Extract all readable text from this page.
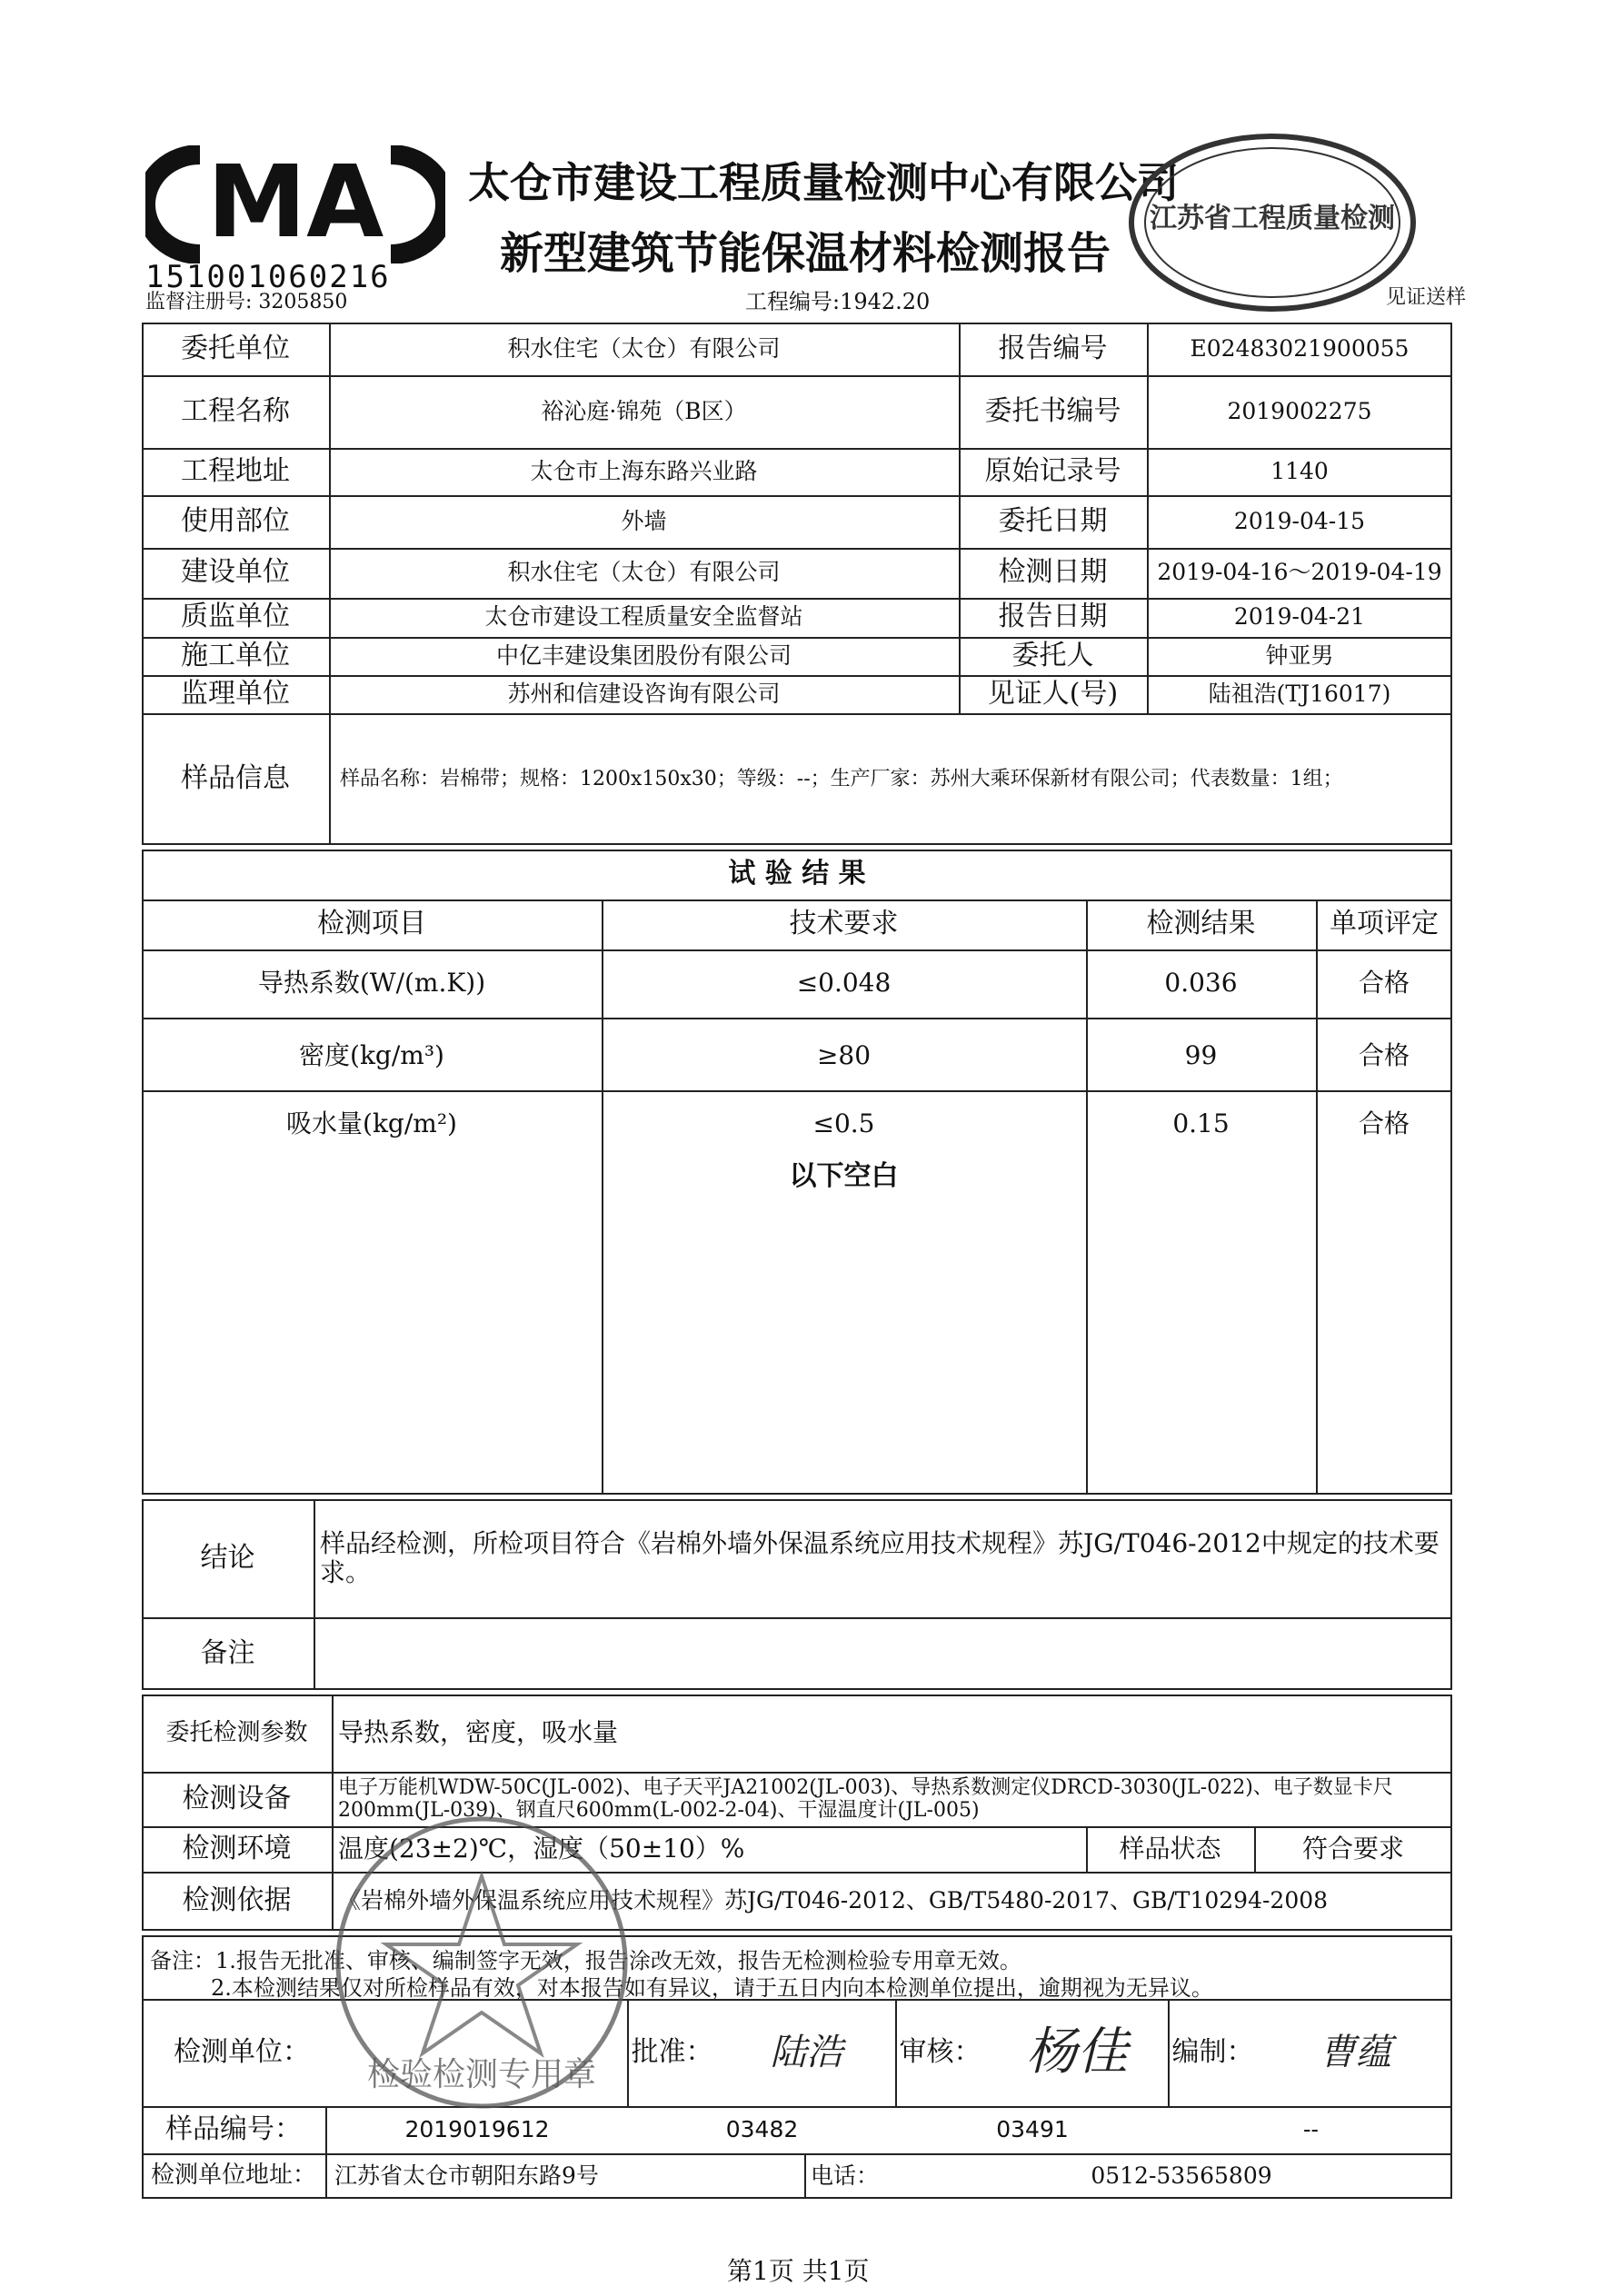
MA
151001060216
监督注册号: 3205850
太仓市建设工程质量检测中心有限公司
新型建筑节能保温材料检测报告
工程编号:1942.20	见证送样
江苏省工程质量检测
委托单位	积水住宅（太仓）有限公司	报告编号	E02483021900055
工程名称	裕沁庭·锦苑（B区）	委托书编号	2019002275
工程地址	太仓市上海东路兴业路	原始记录号	1140
使用部位	外墙	委托日期	2019-04-15
建设单位	积水住宅（太仓）有限公司	检测日期	2019-04-16～2019-04-19
质监单位	太仓市建设工程质量安全监督站	报告日期	2019-04-21
施工单位	中亿丰建设集团股份有限公司	委托人	钟亚男
监理单位	苏州和信建设咨询有限公司	见证人(号)	陆祖浩(TJ16017)
样品信息	样品名称：岩棉带；规格：1200x150x30；等级：--；生产厂家：苏州大乘环保新材有限公司；代表数量：1组；
试 验 结 果
检测项目	技术要求	检测结果	单项评定
导热系数(W/(m.K))	≤0.048	0.036	合格
密度(kg/m³)	≥80	99	合格
吸水量(kg/m²)	≤0.5	0.15	合格
以下空白
结论	样品经检测，所检项目符合《岩棉外墙外保温系统应用技术规程》苏JG/T046-2012中规定的技术要求。
备注
委托检测参数	导热系数，密度，吸水量
检测设备	电子万能机WDW-50C(JL-002)、电子天平JA21002(JL-003)、导热系数测定仪DRCD-3030(JL-022)、电子数显卡尺200mm(JL-039)、钢直尺600mm(L-002-2-04)、干湿温度计(JL-005)
检测环境	温度(23±2)℃，湿度（50±10）%	样品状态	符合要求
检测依据	《岩棉外墙外保温系统应用技术规程》苏JG/T046-2012、GB/T5480-2017、GB/T10294-2008
备注：1.报告无批准、审核、编制签字无效，报告涂改无效，报告无检测检验专用章无效。
2.本检测结果仅对所检样品有效，对本报告如有异议，请于五日内向本检测单位提出，逾期视为无异议。
检测单位：
检验检测专用章
批准：	陆浩	审核： 杨佳	编制：	曹蕴
样品编号：	2019019612	03482	03491	--
检测单位地址： 江苏省太仓市朝阳东路9号	电话：	0512-53565809
第1页 共1页
